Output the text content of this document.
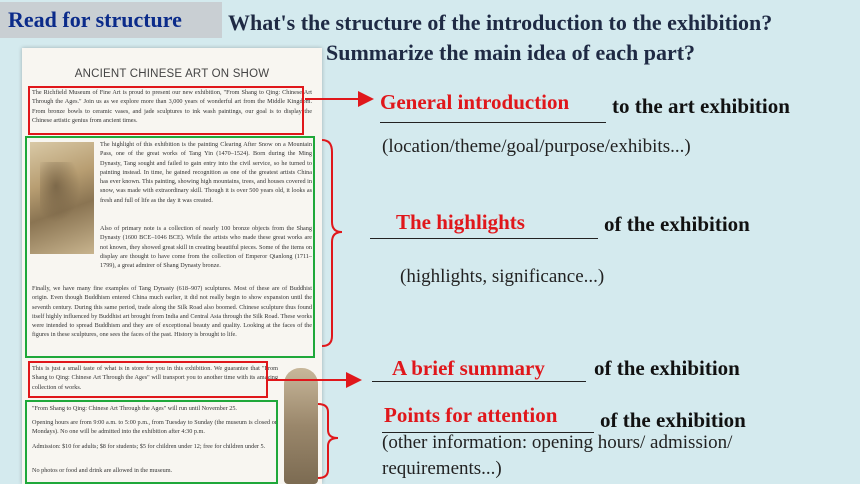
Read for structure	What's the structure of the introduction to the exhibition?
Summarize the main idea of each part?
ANCIENT CHINESE ART ON SHOW
The Richfield Museum of Fine Art is proud to present our new exhibition, "From Shang to Qing: Chinese Art Through the Ages." Join us as we explore more than 3,000 years of wonderful art from the Middle Kingdom. From bronze bowls to ceramic vases, and jade sculptures to ink wash paintings, our goal is to display the Chinese artistic genius from ancient times.
The highlight of this exhibition is the painting Clearing After Snow on a Mountain Pass, one of the great works of Tang Yin (1470–1524). Born during the Ming Dynasty, Tang sought and failed to gain entry into the civil service, so he turned to painting instead. In time, he gained recognition as one of the greatest artists China has ever known. This painting, showing high mountains, trees, and houses covered in snow, was made with extraordinary skill. Though it is over 500 years old, it looks as fresh and full of life as the day it was created.
Also of primary note is a collection of nearly 100 bronze objects from the Shang Dynasty (1600 BCE–1046 BCE). While the artists who made these great works are not known, they showed great skill in creating beautiful pieces. Some of the items on display are thought to have come from the collection of Emperor Qianlong (1711–1799), a great admirer of Shang Dynasty bronze.
Finally, we have many fine examples of Tang Dynasty (618–907) sculptures. Most of these are of Buddhist origin. Even though Buddhism entered China much earlier, it did not really begin to show expansion until the seventh century. During this same period, trade along the Silk Road also boomed. Chinese sculpture thus found itself highly influenced by Buddhist art brought from India and Central Asia through the Silk Road. These works were intended to spread Buddhism and they are of exceptional beauty and quality. Looking at the faces of the figures in these sculptures, one sees the faces of the past. History is brought to life.
This is just a small taste of what is in store for you in this exhibition. We guarantee that "From Shang to Qing: Chinese Art Through the Ages" will transport you to another time with its amazing collection of works.
"From Shang to Qing: Chinese Art Through the Ages" will run until November 25.
Opening hours are from 9:00 a.m. to 5:00 p.m., from Tuesday to Sunday (the museum is closed on Mondays). No one will be admitted into the exhibition after 4:30 p.m.
Admission: $10 for adults; $8 for students; $5 for children under 12; free for children under 5.
No photos or food and drink are allowed in the museum.
General introduction to the art exhibition
(location/theme/goal/purpose/exhibits...)
The highlights	of the exhibition
(highlights, significance...)
A brief summary of the exhibition
Points for attention of the exhibition
(other information: opening hours/ admission/
requirements...)
